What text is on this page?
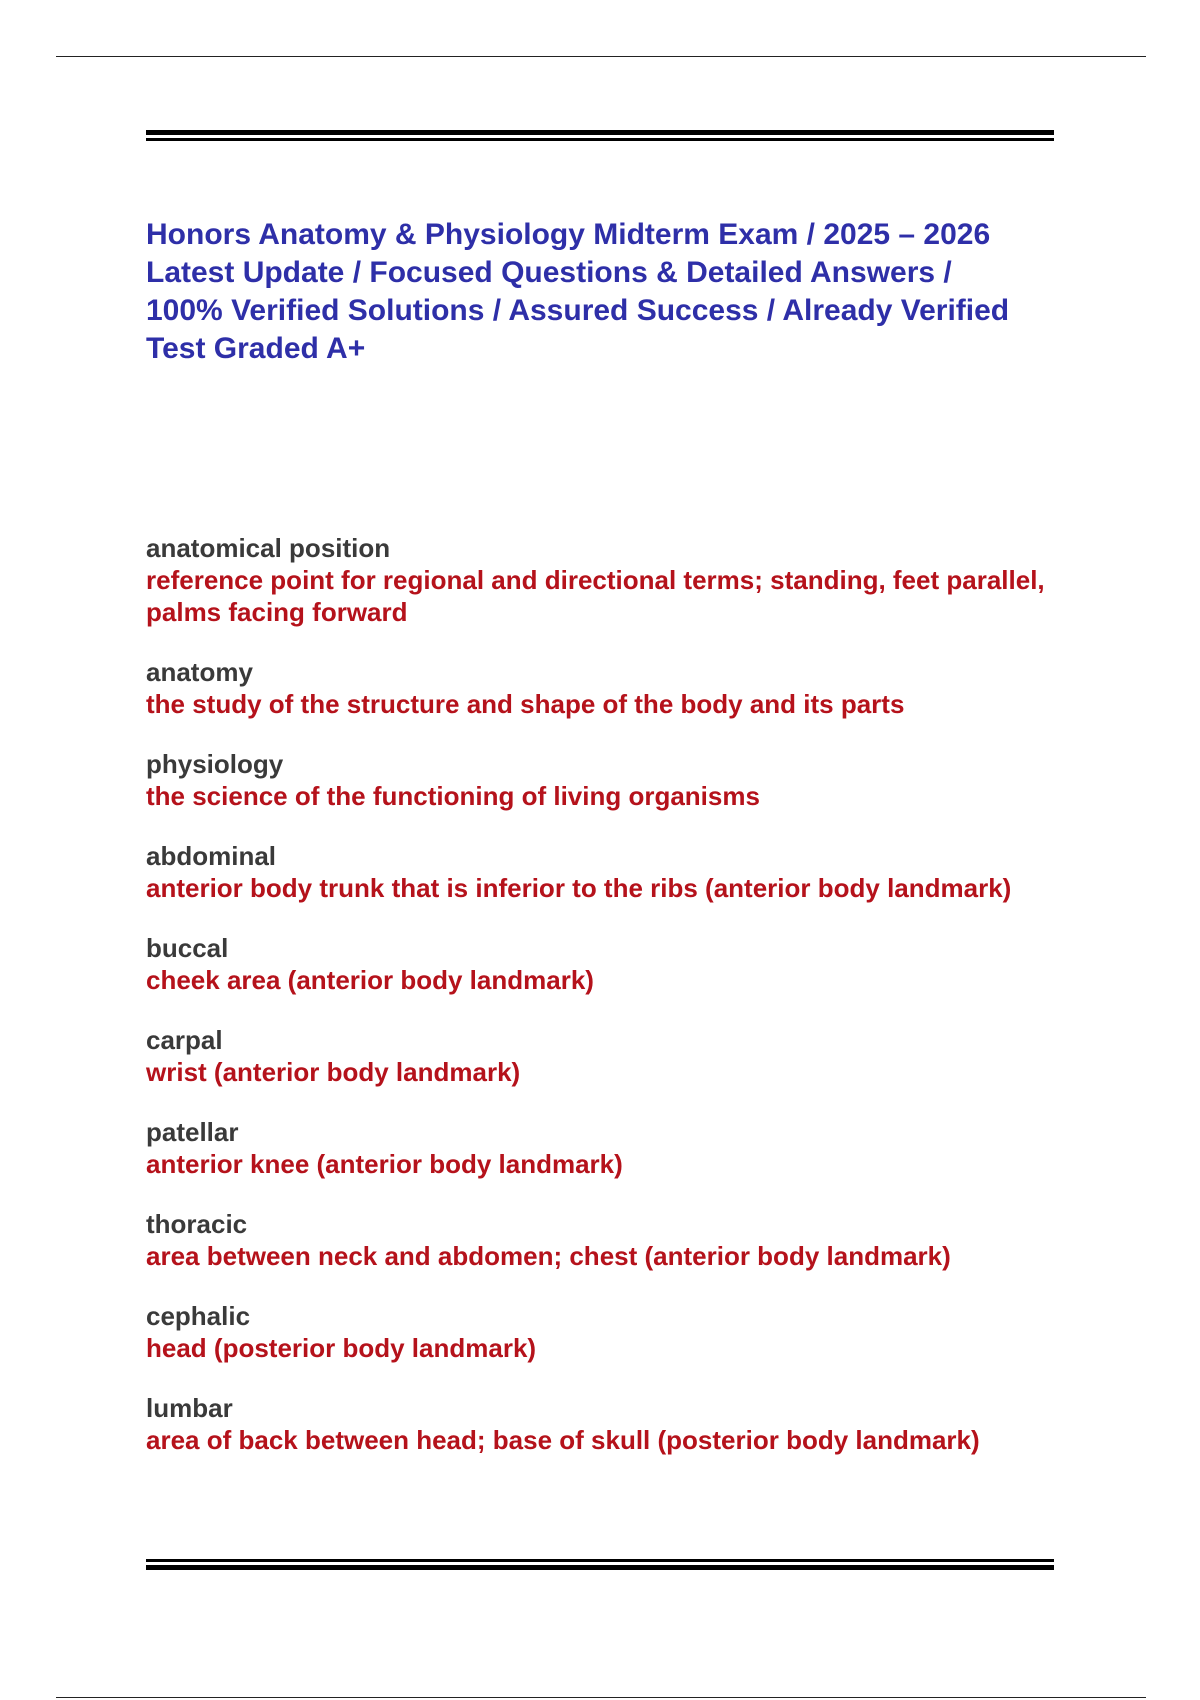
Honors Anatomy & Physiology Midterm Exam / 2025 – 2026 Latest Update / Focused Questions & Detailed Answers / 100% Verified Solutions / Assured Success / Already Verified Test Graded A+
anatomical position
reference point for regional and directional terms; standing, feet parallel, palms facing forward
anatomy
the study of the structure and shape of the body and its parts
physiology
the science of the functioning of living organisms
abdominal
anterior body trunk that is inferior to the ribs (anterior body landmark)
buccal
cheek area (anterior body landmark)
carpal
wrist (anterior body landmark)
patellar
anterior knee (anterior body landmark)
thoracic
area between neck and abdomen; chest (anterior body landmark)
cephalic
head (posterior body landmark)
lumbar
area of back between head; base of skull (posterior body landmark)
